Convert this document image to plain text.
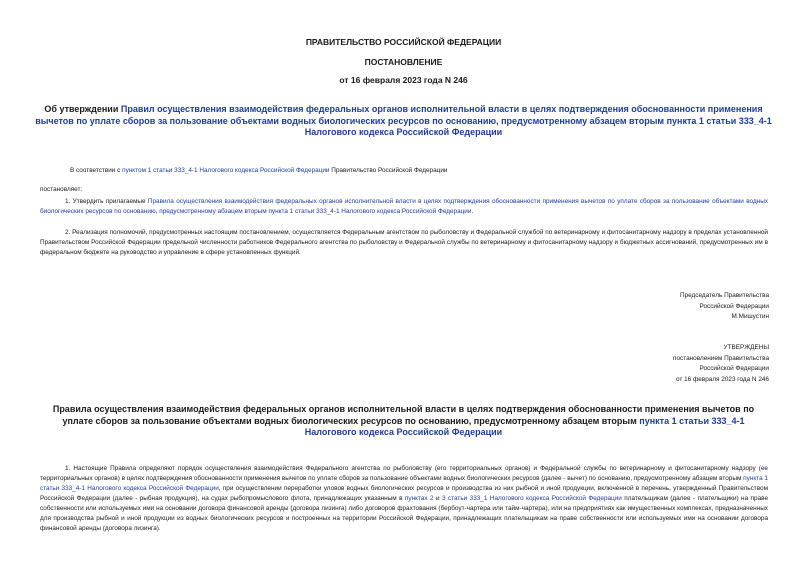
ПРАВИТЕЛЬСТВО РОССИЙСКОЙ ФЕДЕРАЦИИ
ПОСТАНОВЛЕНИЕ
от 16 февраля 2023 года N 246
Об утверждении Правил осуществления взаимодействия федеральных органов исполнительной власти в целях подтверждения обоснованности применения вычетов по уплате сборов за пользование объектами водных биологических ресурсов по основанию, предусмотренному абзацем вторым пункта 1 статьи 333_4-1 Налогового кодекса Российской Федерации
В соответствии с пунктом 1 статьи 333_4-1 Налогового кодекса Российской Федерации Правительство Российской Федерации
постановляет:
1. Утвердить прилагаемые Правила осуществления взаимодействия федеральных органов исполнительной власти в целях подтверждения обоснованности применения вычетов по уплате сборов за пользование объектами водных биологических ресурсов по основанию, предусмотренному абзацем вторым пункта 1 статьи 333_4-1 Налогового кодекса Российской Федерации.
2. Реализация полномочий, предусмотренных настоящим постановлением, осуществляется Федеральным агентством по рыболовству и Федеральной службой по ветеринарному и фитосанитарному надзору в пределах установленной Правительством Российской Федерации предельной численности работников Федерального агентства по рыболовству и Федеральной службы по ветеринарному и фитосанитарному надзору и бюджетных ассигнований, предусмотренных им в федеральном бюджете на руководство и управление в сфере установленных функций.
Председатель Правительства
Российской Федерации
М.Мишустин
УТВЕРЖДЕНЫ
постановлением Правительства
Российской Федерации
от 16 февраля 2023 года N 246
Правила осуществления взаимодействия федеральных органов исполнительной власти в целях подтверждения обоснованности применения вычетов по уплате сборов за пользование объектами водных биологических ресурсов по основанию, предусмотренному абзацем вторым пункта 1 статьи 333_4-1 Налогового кодекса Российской Федерации
1. Настоящие Правила определяют порядок осуществления взаимодействия Федерального агентства по рыболовству (его территориальных органов) и Федеральной службы по ветеринарному и фитосанитарному надзору (ее территориальных органов) в целях подтверждения обоснованности применения вычетов по уплате сборов за пользование объектами водных биологических ресурсов (далее - вычет) по основанию, предусмотренному абзацем вторым пункта 1 статьи 333_4-1 Налогового кодекса Российской Федерации, при осуществлении переработки уловов водных биологических ресурсов и производства из них рыбной и иной продукции, включенной в перечень, утвержденный Правительством Российской Федерации (далее - рыбная продукция), на судах рыбопромыслового флота, принадлежащих указанным в пунктах 2 и 3 статьи 333_1 Налогового кодекса Российской Федерации плательщикам (далее - плательщики) на праве собственности или используемых ими на основании договора финансовой аренды (договора лизинга) либо договоров фрахтования (бербоут-чартера или тайм-чартера), или на предприятиях как имущественных комплексах, предназначенных для производства рыбной и иной продукции из водных биологических ресурсов и построенных на территории Российской Федерации, принадлежащих плательщикам на праве собственности или используемых ими на основании договора финансовой аренды (договора лизинга).
